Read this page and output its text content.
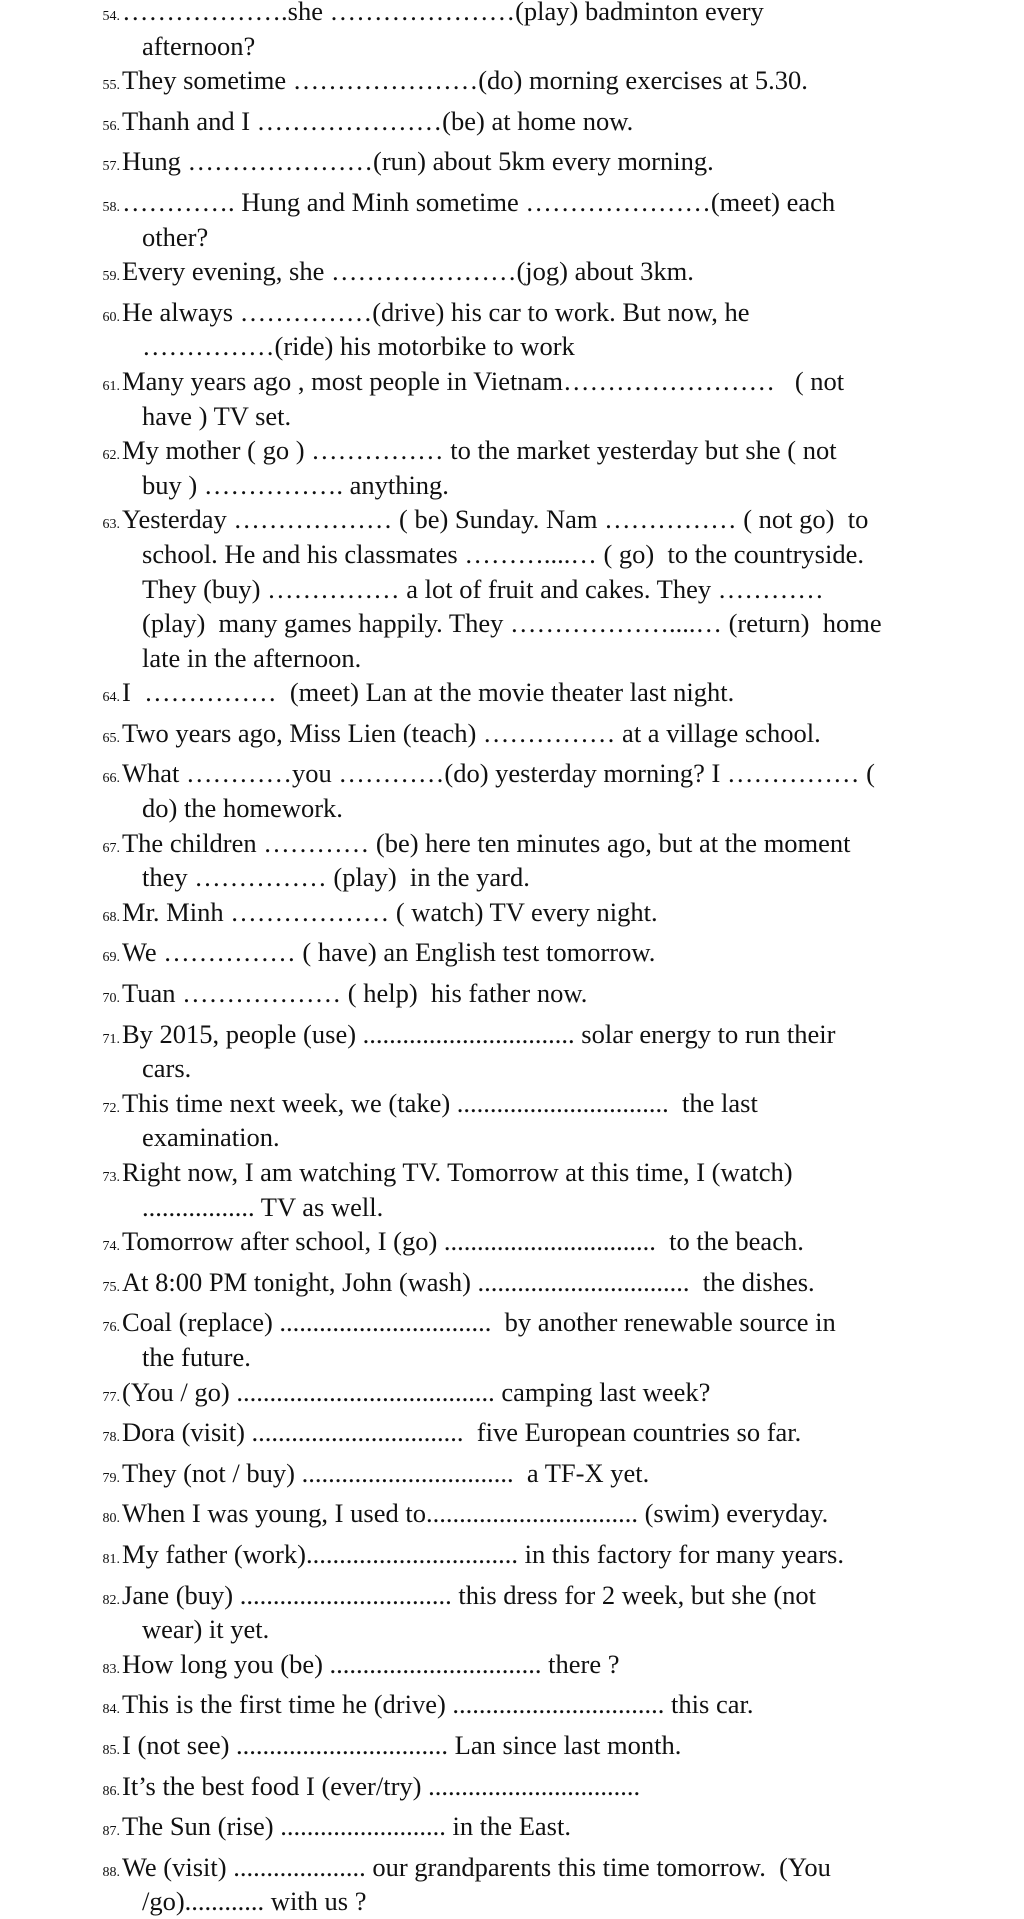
54. ……………….she …………………(play) badminton every
afternoon?
55. They sometime …………………(do) morning exercises at 5.30.
56. Thanh and I …………………(be) at home now.
57. Hung …………………(run) about 5km every morning.
58. …………. Hung and Minh sometime …………………(meet) each
other?
59. Every evening, she …………………(jog) about 3km.
60. He always ……………(drive) his car to work. But now, he
……………(ride) his motorbike to work
61. Many years ago , most people in Vietnam……………………   ( not
have ) TV set.
62. My mother ( go ) …………… to the market yesterday but she ( not
buy ) ……………. anything.
63. Yesterday ……………… ( be) Sunday. Nam …………… ( not go)  to
school. He and his classmates ………....… ( go)  to the countryside.
They (buy) …………… a lot of fruit and cakes. They …………
(play)  many games happily. They ………………....… (return)  home
late in the afternoon.
64. I  ……………  (meet) Lan at the movie theater last night.
65. Two years ago, Miss Lien (teach) …………… at a village school.
66. What …………you …………(do) yesterday morning? I …………… (
do) the homework.
67. The children ………… (be) here ten minutes ago, but at the moment
they …………… (play)  in the yard.
68. Mr. Minh ……………… ( watch) TV every night.
69. We …………… ( have) an English test tomorrow.
70. Tuan ……………… ( help)  his father now.
71. By 2015, people (use) ................................ solar energy to run their
cars.
72. This time next week, we (take) ................................  the last
examination.
73. Right now, I am watching TV. Tomorrow at this time, I (watch)
................. TV as well.
74. Tomorrow after school, I (go) ................................  to the beach.
75. At 8:00 PM tonight, John (wash) ................................  the dishes.
76. Coal (replace) ................................  by another renewable source in
the future.
77. (You / go) ....................................... camping last week?
78. Dora (visit) ................................  five European countries so far.
79. They (not / buy) ................................  a TF-X yet.
80. When I was young, I used to................................ (swim) everyday.
81. My father (work)................................ in this factory for many years.
82. Jane (buy) ................................ this dress for 2 week, but she (not
wear) it yet.
83. How long you (be) ................................ there ?
84. This is the first time he (drive) ................................ this car.
85. I (not see) ................................ Lan since last month.
86. It’s the best food I (ever/try) ................................
87. The Sun (rise) ......................... in the East.
88. We (visit) .................... our grandparents this time tomorrow.  (You
/go)............ with us ?
